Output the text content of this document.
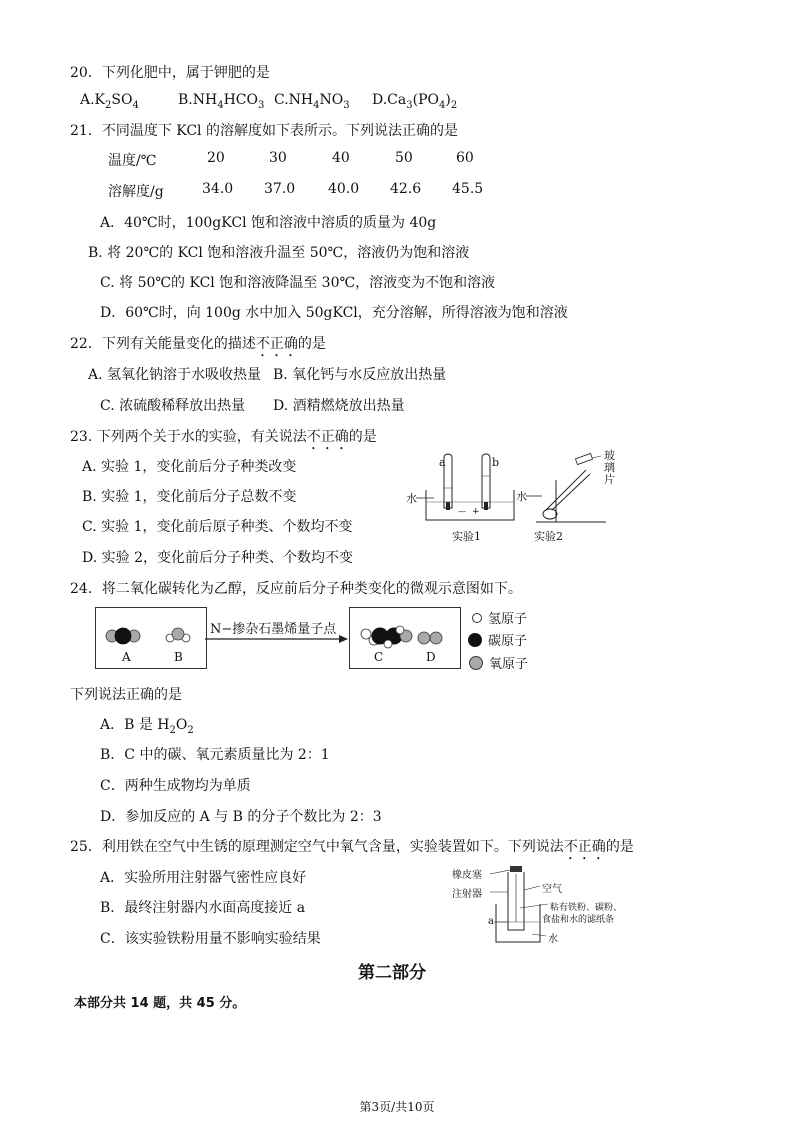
20．下列化肥中，属于钾肥的是
$A.K_2SO_4$	$B.NH_4HCO_3$ $C.NH_4NO_3$	$D.Ca_3(PO_4)_2$
21．不同温度下 KCl 的溶解度如下表所示。下列说法正确的是
温度/℃	20	30	40	50	60
溶解度/g	34.0 37.0 40.0 42.6 45.5
A．40℃时，100gKCl 饱和溶液中溶质的质量为 40g
B. 将 20℃的 KCl 饱和溶液升温至 50℃，溶液仍为饱和溶液
C. 将 50℃的 KCl 饱和溶液降温至 30℃，溶液变为不饱和溶液
D．60℃时，向 100g 水中加入 50gKCl，充分溶解，所得溶液为饱和溶液
22．下列有关能量变化的描述不正确的是
A. 氢氧化钠溶于水吸收热量 B. 氧化钙与水反应放出热量
C. 浓硫酸稀释放出热量 D. 酒精燃烧放出热量
23. 下列两个关于水的实验，有关说法不正确的是
A. 实验 1，变化前后分子种类改变
B. 实验 1，变化前后分子总数不变
C. 实验 1，变化前后原子种类、个数均不变
D. 实验 2，变化前后分子种类、个数均不变
a	b
水	水
— +
玻
璃
片
实验1	实验2
24．将二氧化碳转化为乙醇，反应前后分子种类变化的微观示意图如下。
A	B
N−掺杂石墨烯量子点
C	D
氢原子
碳原子
氧原子
下列说法正确的是
A．B 是 $H_2O_2$
B．C 中的碳、氧元素质量比为 2：1
C．两种生成物均为单质
D．参加反应的 A 与 B 的分子个数比为 2：3
25．利用铁在空气中生锈的原理测定空气中氧气含量，实验装置如下。下列说法不正确的是
A．实验所用注射器气密性应良好
B．最终注射器内水面高度接近 a
C．该实验铁粉用量不影响实验结果
橡皮塞
注射器	空气
粘有铁粉、碳粉、
食盐和水的滤纸条
a
水
第二部分
本部分共 14 题，共 45 分。
第3页/共10页
